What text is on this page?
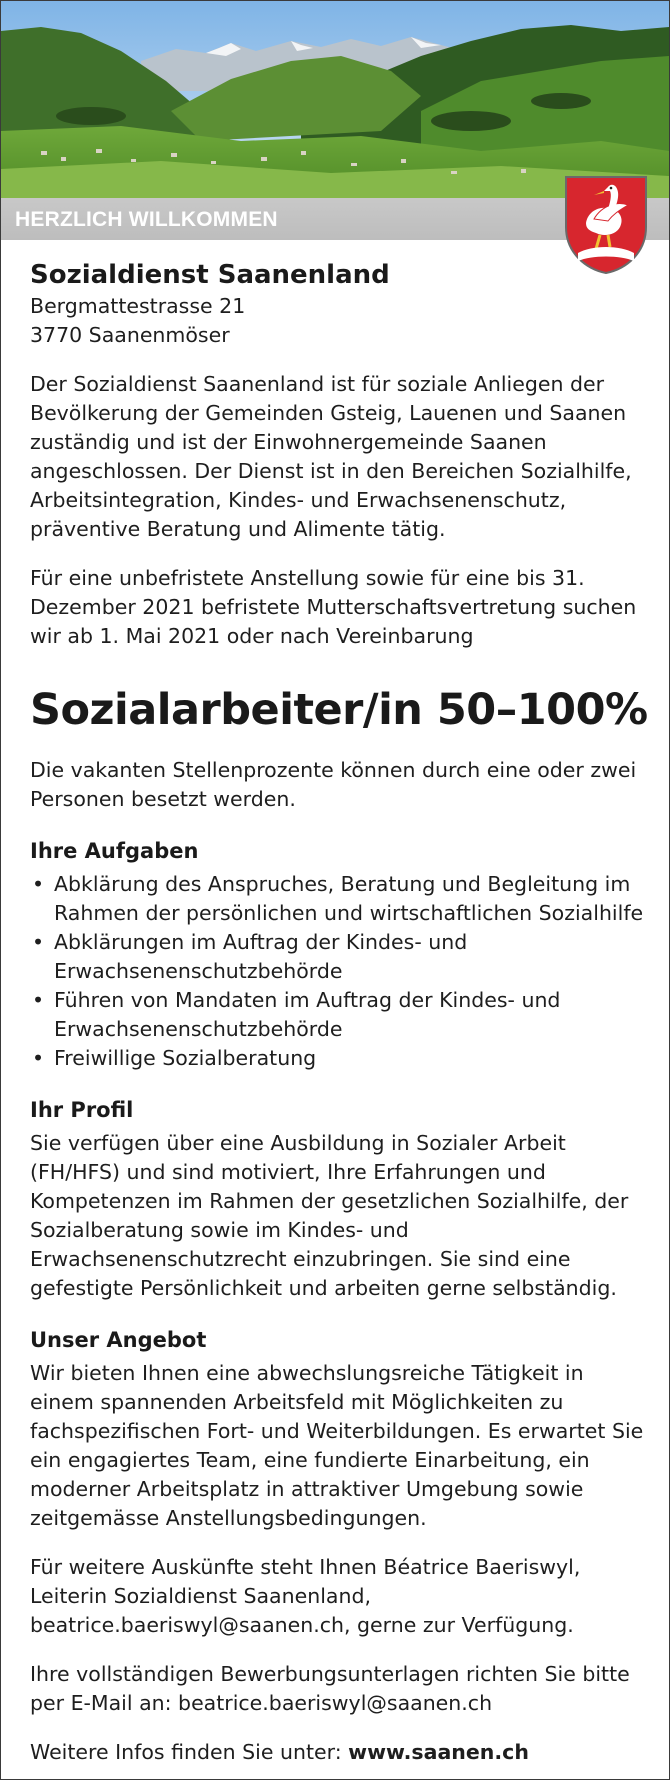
HERZLICH WILLKOMMEN
Sozialdienst Saanenland

Bergmattestrasse 21

3770 Saanenmöser

Der Sozialdienst Saanenland ist für soziale Anliegen der Bevölkerung der Gemeinden Gsteig, Lauenen und Saanen zuständig und ist der Einwohnergemeinde Saanen angeschlossen. Der Dienst ist in den Bereichen Sozialhilfe, Arbeitsintegration, Kindes- und Erwachsenenschutz, präventive Beratung und Alimente tätig.

Für eine unbefristete Anstellung sowie für eine bis 31. Dezember 2021 befristete Mutterschaftsvertretung suchen wir ab 1. Mai 2021 oder nach Vereinbarung

Sozialarbeiter/in 50–100%

Die vakanten Stellenprozente können durch eine oder zwei Personen besetzt werden.

Ihre Aufgaben
• Abklärung des Anspruches, Beratung und Begleitung im Rahmen der persönlichen und wirtschaftlichen Sozialhilfe
• Abklärungen im Auftrag der Kindes- und Erwachsenenschutzbehörde
• Führen von Mandaten im Auftrag der Kindes- und Erwachsenenschutzbehörde
• Freiwillige Sozialberatung
Ihr Profil

Sie verfügen über eine Ausbildung in Sozialer Arbeit (FH/HFS) und sind motiviert, Ihre Erfahrungen und Kompetenzen im Rahmen der gesetzlichen Sozialhilfe, der Sozialberatung sowie im Kindes- und Erwachsenenschutzrecht einzubringen. Sie sind eine gefestigte Persönlichkeit und arbeiten gerne selbständig.

Unser Angebot

Wir bieten Ihnen eine abwechslungsreiche Tätigkeit in einem spannenden Arbeitsfeld mit Möglichkeiten zu fachspezifischen Fort- und Weiterbildungen. Es erwartet Sie ein engagiertes Team, eine fundierte Einarbeitung, ein moderner Arbeitsplatz in attraktiver Umgebung sowie zeitgemässe Anstellungsbedingungen.

Für weitere Auskünfte steht Ihnen Béatrice Baeriswyl, Leiterin Sozialdienst Saanenland, beatrice.baeriswyl@saanen.ch, gerne zur Verfügung.

Ihre vollständigen Bewerbungsunterlagen richten Sie bitte per E-Mail an: beatrice.baeriswyl@saanen.ch

Weitere Infos finden Sie unter: www.saanen.ch
